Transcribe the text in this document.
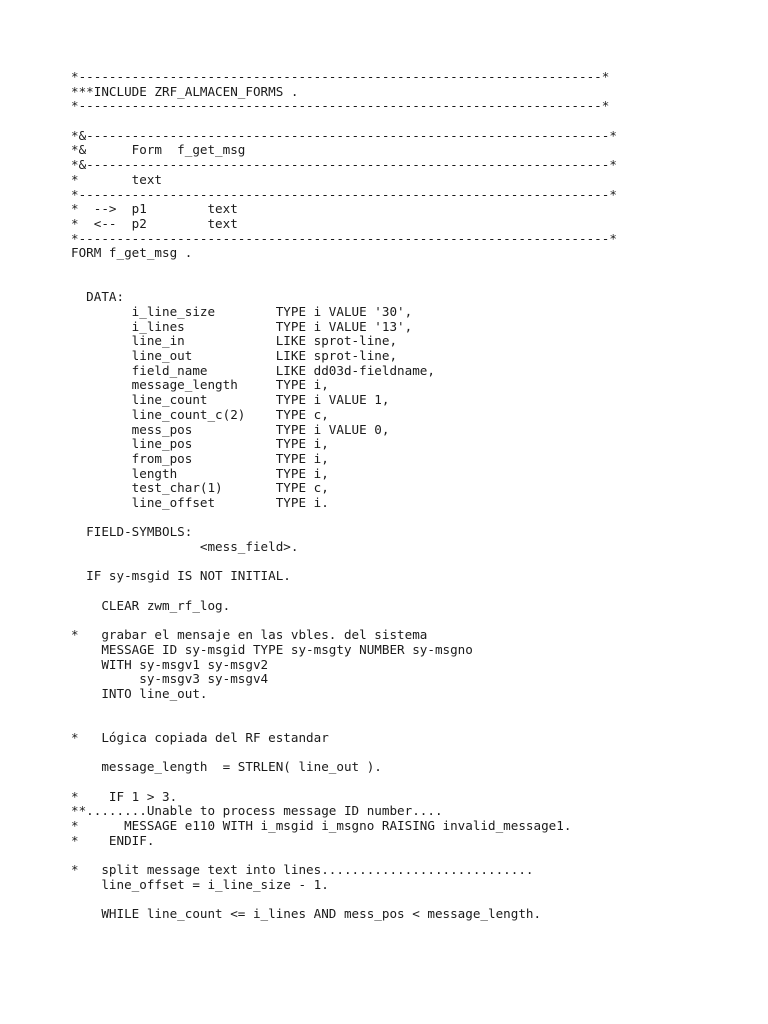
*---------------------------------------------------------------------*
***INCLUDE ZRF_ALMACEN_FORMS .
*---------------------------------------------------------------------*
*&---------------------------------------------------------------------*
*&      Form  f_get_msg
*&---------------------------------------------------------------------*
*       text
*----------------------------------------------------------------------*
*  -->  p1        text
*  <--  p2        text
*----------------------------------------------------------------------*
FORM f_get_msg .
DATA:
i_line_size        TYPE i VALUE '30',
i_lines            TYPE i VALUE '13',
line_in            LIKE sprot-line,
line_out           LIKE sprot-line,
field_name         LIKE dd03d-fieldname,
message_length     TYPE i,
line_count         TYPE i VALUE 1,
line_count_c(2)    TYPE c,
mess_pos           TYPE i VALUE 0,
line_pos           TYPE i,
from_pos           TYPE i,
length             TYPE i,
test_char(1)       TYPE c,
line_offset        TYPE i.
FIELD-SYMBOLS:
<mess_field>.
IF sy-msgid IS NOT INITIAL.
CLEAR zwm_rf_log.
*   grabar el mensaje en las vbles. del sistema
MESSAGE ID sy-msgid TYPE sy-msgty NUMBER sy-msgno
WITH sy-msgv1 sy-msgv2
sy-msgv3 sy-msgv4
INTO line_out.
*   Lógica copiada del RF estandar
message_length  = STRLEN( line_out ).
*    IF 1 > 3.
**........Unable to process message ID number....
*      MESSAGE e110 WITH i_msgid i_msgno RAISING invalid_message1.
*    ENDIF.
*   split message text into lines............................
line_offset = i_line_size - 1.
WHILE line_count <= i_lines AND mess_pos < message_length.
